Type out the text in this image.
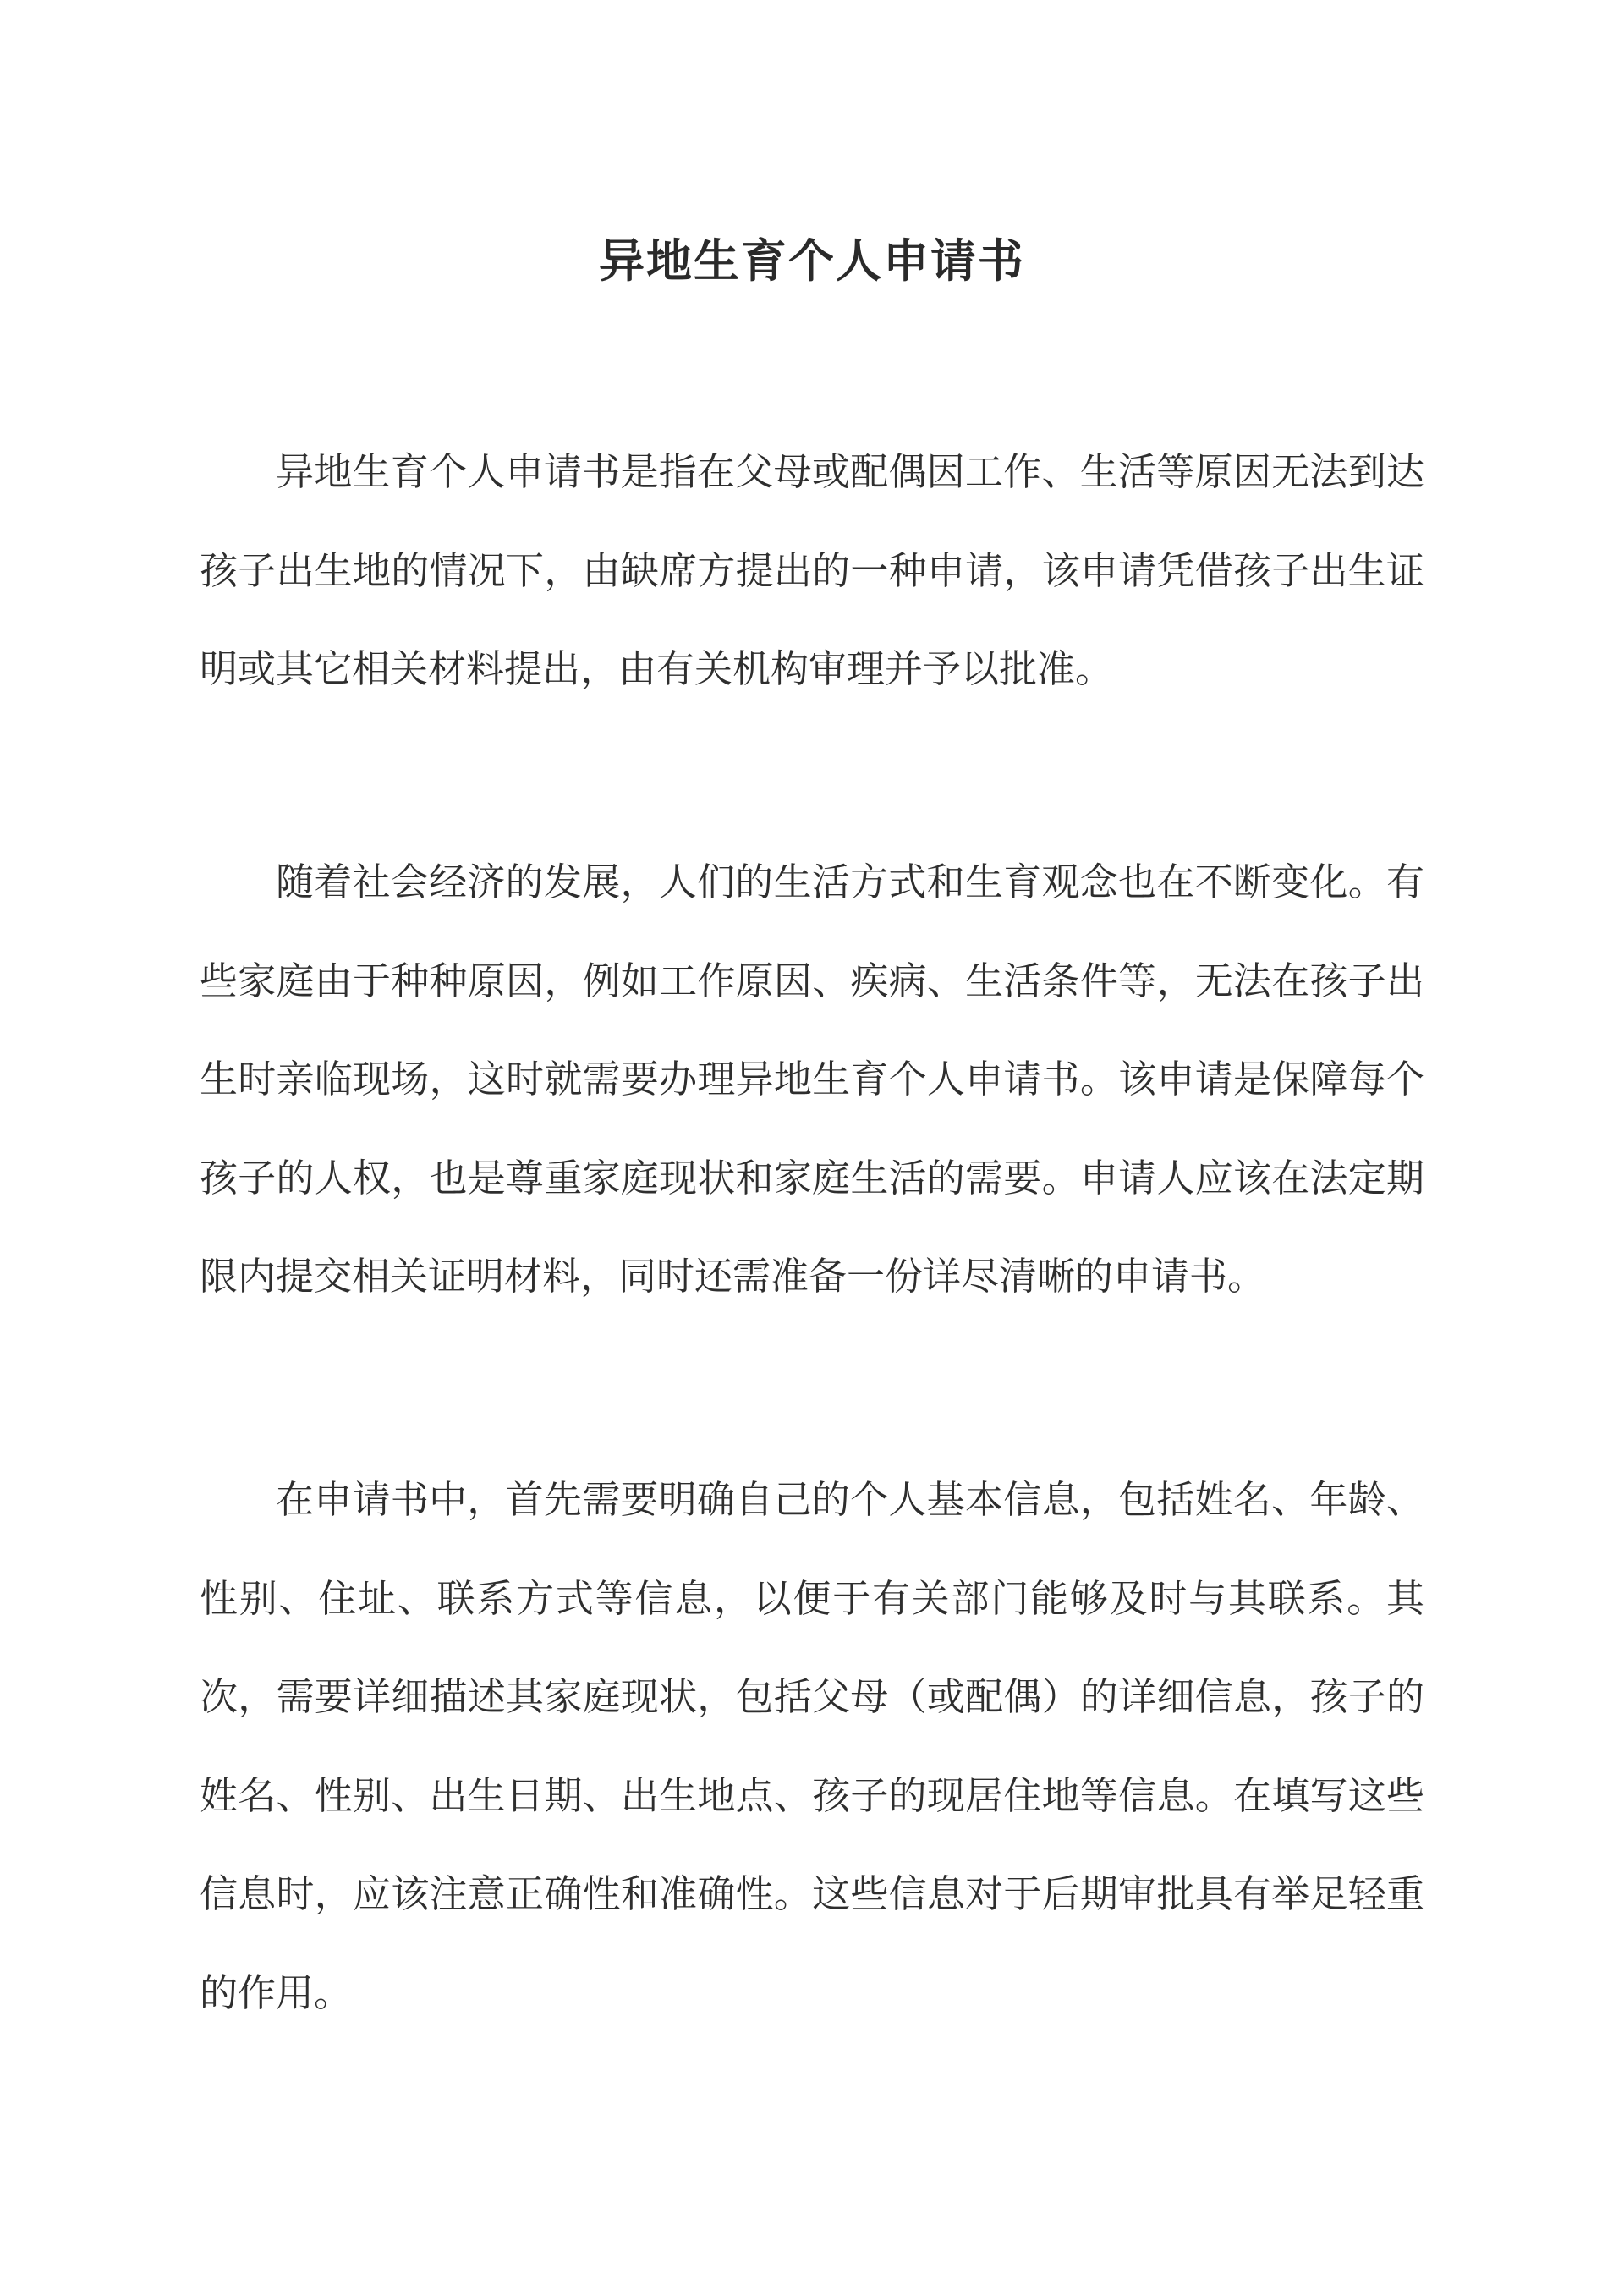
异地生育个人申请书

异地生育个人申请书是指在父母或配偶因工作、生活等原因无法到达孩子出生地的情况下，由缺席方提出的一种申请，该申请凭借孩子出生证明或其它相关材料提出，由有关机构审理并予以批准。

随着社会经济的发展，人们的生活方式和生育观念也在不断变化。有些家庭由于种种原因，例如工作原因、疾病、生活条件等，无法在孩子出生时亲临现场，这时就需要办理异地生育个人申请书。该申请是保障每个孩子的人权，也是尊重家庭现状和家庭生活的需要。申请人应该在法定期限内提交相关证明材料，同时还需准备一份详尽清晰的申请书。

在申请书中，首先需要明确自己的个人基本信息，包括姓名、年龄、性别、住址、联系方式等信息，以便于有关部门能够及时与其联系。其次，需要详细描述其家庭现状，包括父母（或配偶）的详细信息，孩子的姓名、性别、出生日期、出生地点、孩子的现居住地等信息。在填写这些信息时，应该注意正确性和准确性。这些信息对于后期审批具有举足轻重的作用。
